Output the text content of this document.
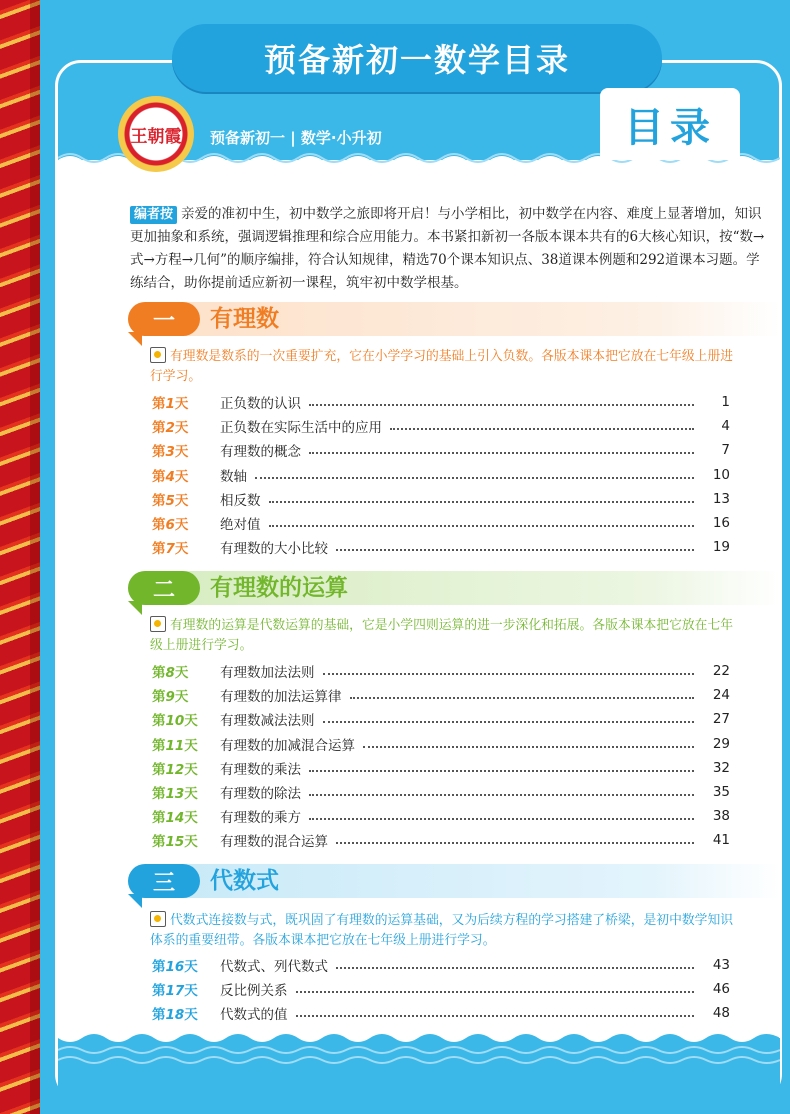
预备新初一数学目录
王朝霞 预备新初一 | 数学·小升初	目录
编者按 亲爱的准初中生，初中数学之旅即将开启！与小学相比，初中数学在内容、难度上显著增加，知识更加抽象和系统，强调逻辑推理和综合应用能力。本书紧扣新初一各版本课本共有的6大核心知识，按“数→式→方程→几何”的顺序编排，符合认知规律，精选70个课本知识点、38道课本例题和292道课本习题。学练结合，助你提前适应新初一课程，筑牢初中数学根基。
一	有理数
有理数是数系的一次重要扩充，它在小学学习的基础上引入负数。各版本课本把它放在七年级上册进行学习。
第1天	正负数的认识	1
第2天	正负数在实际生活中的应用	4
第3天	有理数的概念	7
第4天	数轴	10
第5天	相反数	13
第6天	绝对值	16
第7天	有理数的大小比较	19
二	有理数的运算
有理数的运算是代数运算的基础，它是小学四则运算的进一步深化和拓展。各版本课本把它放在七年级上册进行学习。
第8天	有理数加法法则	22
第9天	有理数的加法运算律	24
第10天	有理数减法法则	27
第11天	有理数的加减混合运算	29
第12天	有理数的乘法	32
第13天	有理数的除法	35
第14天	有理数的乘方	38
第15天	有理数的混合运算	41
三	代数式
代数式连接数与式，既巩固了有理数的运算基础，又为后续方程的学习搭建了桥梁，是初中数学知识体系的重要纽带。各版本课本把它放在七年级上册进行学习。
第16天	代数式、列代数式	43
第17天	反比例关系	46
第18天	代数式的值	48
